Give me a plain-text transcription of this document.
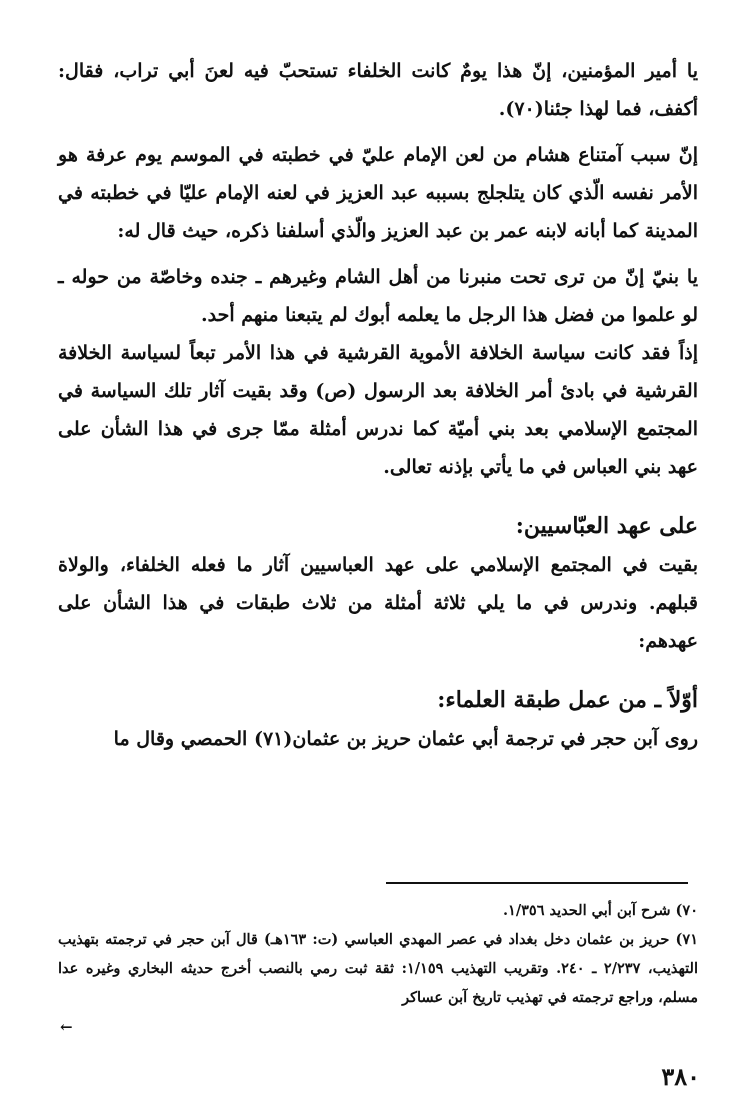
يا أمير المؤمنين، إنّ هذا يومٌ كانت الخلفاء تستحبّ فيه لعنَ أبي تراب، فقال: أكفف، فما لهذا جئنا(٧٠).

إنّ سبب آمتناع هشام من لعن الإمام عليّ في خطبته في الموسم يوم عرفة هو الأمر نفسه الّذي كان يتلجلج بسببه عبد العزيز في لعنه الإمام عليّا في خطبته في المدينة كما أبانه لابنه عمر بن عبد العزيز والّذي أسلفنا ذكره، حيث قال له:

يا بنيّ إنّ من ترى تحت منبرنا من أهل الشام وغيرهم ـ جنده وخاصّة من حوله ـ لو علموا من فضل هذا الرجل ما يعلمه أبوك لم يتبعنا منهم أحد.

إذاً فقد كانت سياسة الخلافة الأموية القرشية في هذا الأمر تبعاً لسياسة الخلافة القرشية في بادئ أمر الخلافة بعد الرسول (ص) وقد بقيت آثار تلك السياسة في المجتمع الإسلامي بعد بني أميّة كما ندرس أمثلة ممّا جرى في هذا الشأن على عهد بني العباس في ما يأتي بإذنه تعالى.

على عهد العبّاسيين:

بقيت في المجتمع الإسلامي على عهد العباسيين آثار ما فعله الخلفاء، والولاة قبلهم. وندرس في ما يلي ثلاثة أمثلة من ثلاث طبقات في هذا الشأن على عهدهم:

أوّلاً ـ من عمل طبقة العلماء:

روى آبن حجر في ترجمة أبي عثمان حريز بن عثمان(٧١) الحمصي وقال ما

٧٠) شرح آبن أبي الحديد ١/٣٥٦.

٧١) حريز بن عثمان دخل بغداد في عصر المهدي العباسي (ت: ١٦٣هـ) قال آبن حجر في ترجمته بتهذيب التهذيب، ٢/٢٣٧ ـ ٢٤٠. وتقريب التهذيب ١/١٥٩: ثقة ثبت رمي بالنصب أخرج حديثه البخاري وغيره عدا مسلم، وراجع ترجمته في تهذيب تاريخ آبن عساكر

←
٣٨٠
